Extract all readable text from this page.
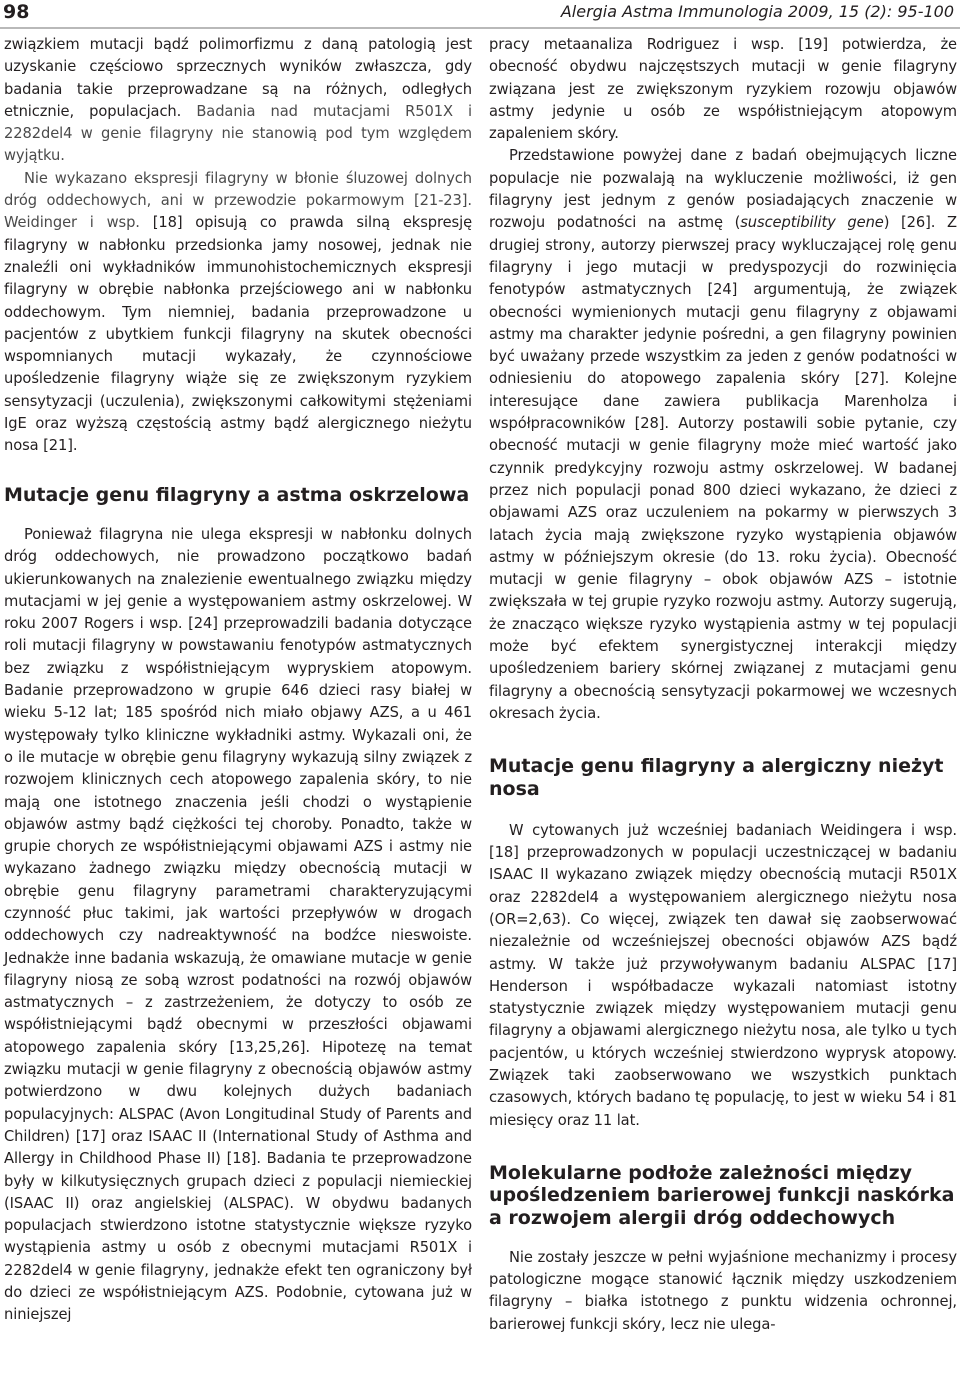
98	Alergia Astma Immunologia 2009, 15 (2): 95-100

związkiem mutacji bądź polimorfizmu z daną patologią jest uzyskanie częściowo sprzecznych wyników zwłaszcza, gdy badania takie przeprowadzane są na różnych, odległych etnicznie, populacjach. Badania nad mutacjami R501X i 2282del4 w genie filagryny nie stanowią pod tym względem wyjątku.

Nie wykazano ekspresji filagryny w błonie śluzowej dolnych dróg oddechowych, ani w przewodzie pokarmowym [21-23]. Weidinger i wsp. [18] opisują co prawda silną ekspresję filagryny w nabłonku przedsionka jamy nosowej, jednak nie znaleźli oni wykładników immunohistochemicznych ekspresji filagryny w obrębie nabłonka przejściowego ani w nabłonku oddechowym. Tym niemniej, badania przeprowadzone u pacjentów z ubytkiem funkcji filagryny na skutek obecności wspomnianych mutacji wykazały, że czynnościowe upośledzenie filagryny wiąże się ze zwiększonym ryzykiem sensytyzacji (uczulenia), zwiększonymi całkowitymi stężeniami IgE oraz wyższą częstością astmy bądź alergicznego nieżytu nosa [21].

Mutacje genu filagryny a astma oskrzelowa

Ponieważ filagryna nie ulega ekspresji w nabłonku dolnych dróg oddechowych, nie prowadzono początkowo badań ukierunkowanych na znalezienie ewentualnego związku między mutacjami w jej genie a występowaniem astmy oskrzelowej. W roku 2007 Rogers i wsp. [24] przeprowadzili badania dotyczące roli mutacji filagryny w powstawaniu fenotypów astmatycznych bez związku z współistniejącym wypryskiem atopowym. Badanie przeprowadzono w grupie 646 dzieci rasy białej w wieku 5-12 lat; 185 spośród nich miało objawy AZS, a u 461 występowały tylko kliniczne wykładniki astmy. Wykazali oni, że o ile mutacje w obrębie genu filagryny wykazują silny związek z rozwojem klinicznych cech atopowego zapalenia skóry, to nie mają one istotnego znaczenia jeśli chodzi o wystąpienie objawów astmy bądź ciężkości tej choroby. Ponadto, także w grupie chorych ze współistniejącymi objawami AZS i astmy nie wykazano żadnego związku między obecnością mutacji w obrębie genu filagryny parametrami charakteryzującymi czynność płuc takimi, jak wartości przepływów w drogach oddechowych czy nadreaktywność na bodźce nieswoiste. Jednakże inne badania wskazują, że omawiane mutacje w genie filagryny niosą ze sobą wzrost podatności na rozwój objawów astmatycznych – z zastrzeżeniem, że dotyczy to osób ze współistniejącymi bądź obecnymi w przeszłości objawami atopowego zapalenia skóry [13,25,26]. Hipotezę na temat związku mutacji w genie filagryny z obecnością objawów astmy potwierdzono w dwu kolejnych dużych badaniach populacyjnych: ALSPAC (Avon Longitudinal Study of Parents and Children) [17] oraz ISAAC II (International Study of Asthma and Allergy in Childhood Phase II) [18]. Badania te przeprowadzone były w kilkutysięcznych grupach dzieci z populacji niemieckiej (ISAAC II) oraz angielskiej (ALSPAC). W obydwu badanych populacjach stwierdzono istotne statystycznie większe ryzyko wystąpienia astmy u osób z obecnymi mutacjami R501X i 2282del4 w genie filagryny, jednakże efekt ten ograniczony był do dzieci ze współistniejącym AZS. Podobnie, cytowana już w niniejszej

pracy metaanaliza Rodriguez i wsp. [19] potwierdza, że obecność obydwu najczęstszych mutacji w genie filagryny związana jest ze zwiększonym ryzykiem rozowju objawów astmy jedynie u osób ze współistniejącym atopowym zapaleniem skóry.

Przedstawione powyżej dane z badań obejmujących liczne populacje nie pozwalają na wykluczenie możliwości, iż gen filagryny jest jednym z genów posiadających znaczenie w rozwoju podatności na astmę (susceptibility gene) [26]. Z drugiej strony, autorzy pierwszej pracy wykluczającej rolę genu filagryny i jego mutacji w predyspozycji do rozwinięcia fenotypów astmatycznych [24] argumentują, że związek obecności wymienionych mutacji genu filagryny z objawami astmy ma charakter jedynie pośredni, a gen filagryny powinien być uważany przede wszystkim za jeden z genów podatności w odniesieniu do atopowego zapalenia skóry [27]. Kolejne interesujące dane zawiera publikacja Marenholza i współpracowników [28]. Autorzy postawili sobie pytanie, czy obecność mutacji w genie filagryny może mieć wartość jako czynnik predykcyjny rozwoju astmy oskrzelowej. W badanej przez nich populacji ponad 800 dzieci wykazano, że dzieci z objawami AZS oraz uczuleniem na pokarmy w pierwszych 3 latach życia mają zwiększone ryzyko wystąpienia objawów astmy w późniejszym okresie (do 13. roku życia). Obecność mutacji w genie filagryny – obok objawów AZS – istotnie zwiększała w tej grupie ryzyko rozwoju astmy. Autorzy sugerują, że znacząco większe ryzyko wystąpienia astmy w tej populacji może być efektem synergistycznej interakcji między upośledzeniem bariery skórnej związanej z mutacjami genu filagryny a obecnością sensytyzacji pokarmowej we wczesnych okresach życia.

Mutacje genu filagryny a alergiczny nieżyt nosa

W cytowanych już wcześniej badaniach Weidingera i wsp. [18] przeprowadzonych w populacji uczestniczącej w badaniu ISAAC II wykazano związek między obecnością mutacji R501X oraz 2282del4 a występowaniem alergicznego nieżytu nosa (OR=2,63). Co więcej, związek ten dawał się zaobserwować niezależnie od wcześniejszej obecności objawów AZS bądź astmy. W także już przywoływanym badaniu ALSPAC [17] Henderson i współbadacze wykazali natomiast istotny statystycznie związek między występowaniem mutacji genu filagryny a objawami alergicznego nieżytu nosa, ale tylko u tych pacjentów, u których wcześniej stwierdzono wyprysk atopowy. Związek taki zaobserwowano we wszystkich punktach czasowych, których badano tę populację, to jest w wieku 54 i 81 miesięcy oraz 11 lat.

Molekularne podłoże zależności między upośledzeniem barierowej funkcji naskórka a rozwojem alergii dróg oddechowych

Nie zostały jeszcze w pełni wyjaśnione mechanizmy i procesy patologiczne mogące stanowić łącznik między uszkodzeniem filagryny – białka istotnego z punktu widzenia ochronnej, barierowej funkcji skóry, lecz nie ulega-
